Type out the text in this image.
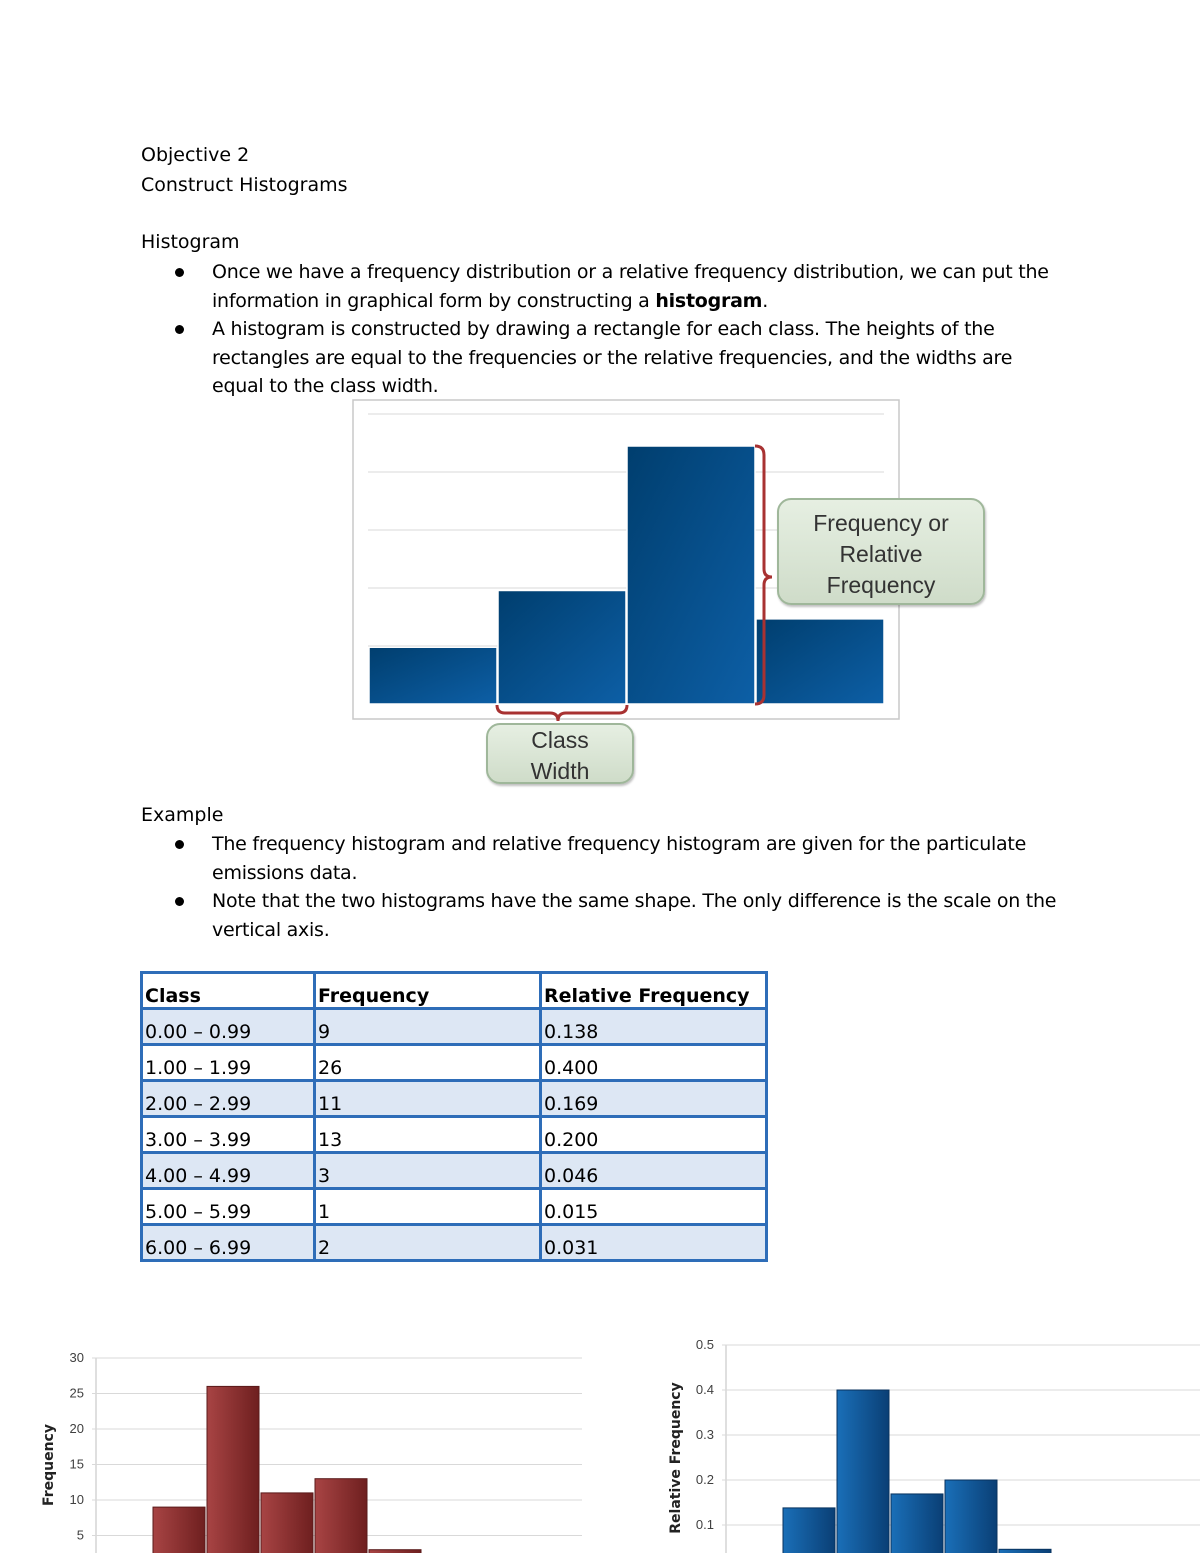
Objective 2
Construct Histograms
Histogram
Once we have a frequency distribution or a relative frequency distribution, we can put the information in graphical form by constructing a histogram.
A histogram is constructed by drawing a rectangle for each class. The heights of the rectangles are equal to the frequencies or the relative frequencies, and the widths are equal to the class width.
Frequency or
Relative
Frequency
Class
Width
Example
The frequency histogram and relative frequency histogram are given for the particulate emissions data.
Note that the two histograms have the same shape. The only difference is the scale on the vertical axis.
Class	Frequency	Relative Frequency
0.00 – 0.99	9	0.138
1.00 – 1.99	26	0.400
2.00 – 2.99	11	0.169
3.00 – 3.99	13	0.200
4.00 – 4.99	3	0.046
5.00 – 5.99	1	0.015
6.00 – 6.99	2	0.031
5
10
15
20
25
30
Frequency
0.1
0.2
0.3
0.4
0.5
Relative Frequency
